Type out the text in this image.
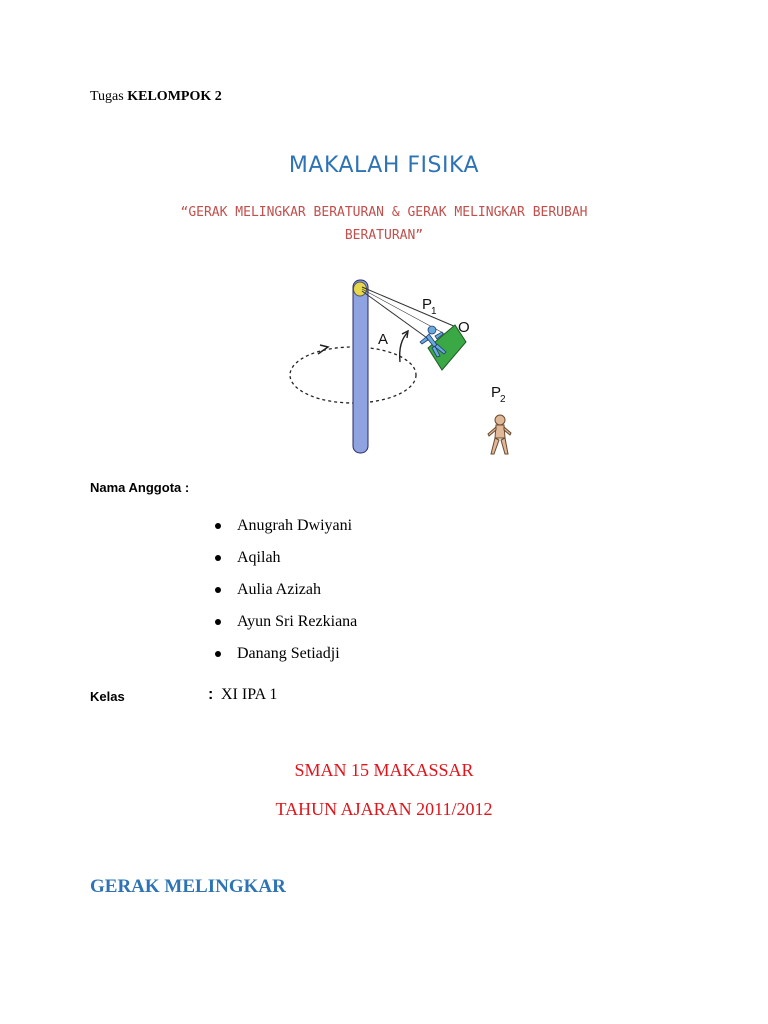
Tugas KELOMPOK 2
MAKALAH FISIKA
“GERAK MELINGKAR BERATURAN & GERAK MELINGKAR BERUBAH
BERATURAN”
A
P
1
O
P
2
Nama Anggota :
Anugrah Dwiyani
Aqilah
Aulia Azizah
Ayun Sri Rezkiana
Danang Setiadji
Kelas	: XI IPA 1
SMAN 15 MAKASSAR
TAHUN AJARAN 2011/2012
GERAK MELINGKAR
